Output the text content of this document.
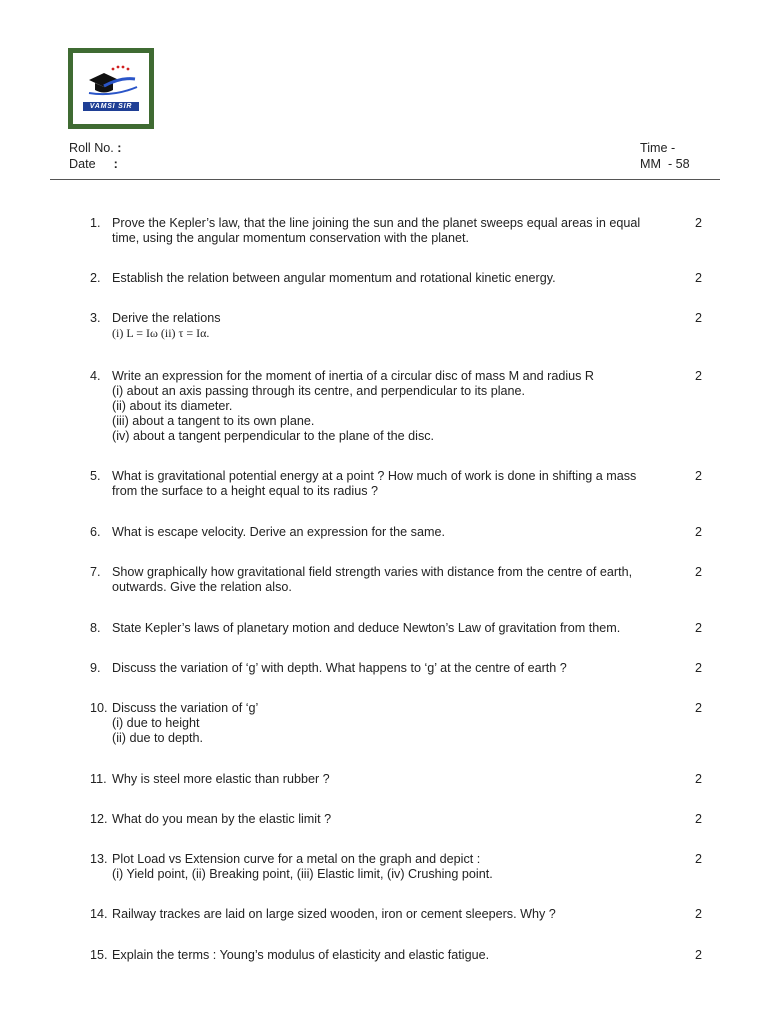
VAMSI SIR
Roll No. :
Date :
Time -
MM  - 58
1. Prove the Kepler’s law, that the line joining the sun and the planet sweeps equal areas in equal
time, using the angular momentum conservation with the planet.
2
2. Establish the relation between angular momentum and rotational kinetic energy.	2
3. Derive the relations
(i) L = Iω (ii) τ = Iα.
2
4. Write an expression for the moment of inertia of a circular disc of mass M and radius R
(i) about an axis passing through its centre, and perpendicular to its plane.
(ii) about its diameter.
(iii) about a tangent to its own plane.
(iv) about a tangent perpendicular to the plane of the disc.
2
5. What is gravitational potential energy at a point ? How much of work is done in shifting a mass
from the surface to a height equal to its radius ?
2
6. What is escape velocity. Derive an expression for the same.	2
7. Show graphically how gravitational field strength varies with distance from the centre of earth,
outwards. Give the relation also.
2
8. State Kepler’s laws of planetary motion and deduce Newton’s Law of gravitation from them.	2
9. Discuss the variation of ‘g’ with depth. What happens to ‘g’ at the centre of earth ?	2
10. Discuss the variation of ‘g’
(i) due to height
(ii) due to depth.
2
11. Why is steel more elastic than rubber ?	2
12. What do you mean by the elastic limit ?	2
13. Plot Load vs Extension curve for a metal on the graph and depict :
(i) Yield point, (ii) Breaking point, (iii) Elastic limit, (iv) Crushing point.
2
14. Railway trackes are laid on large sized wooden, iron or cement sleepers. Why ?	2
15. Explain the terms : Young’s modulus of elasticity and elastic fatigue.	2
